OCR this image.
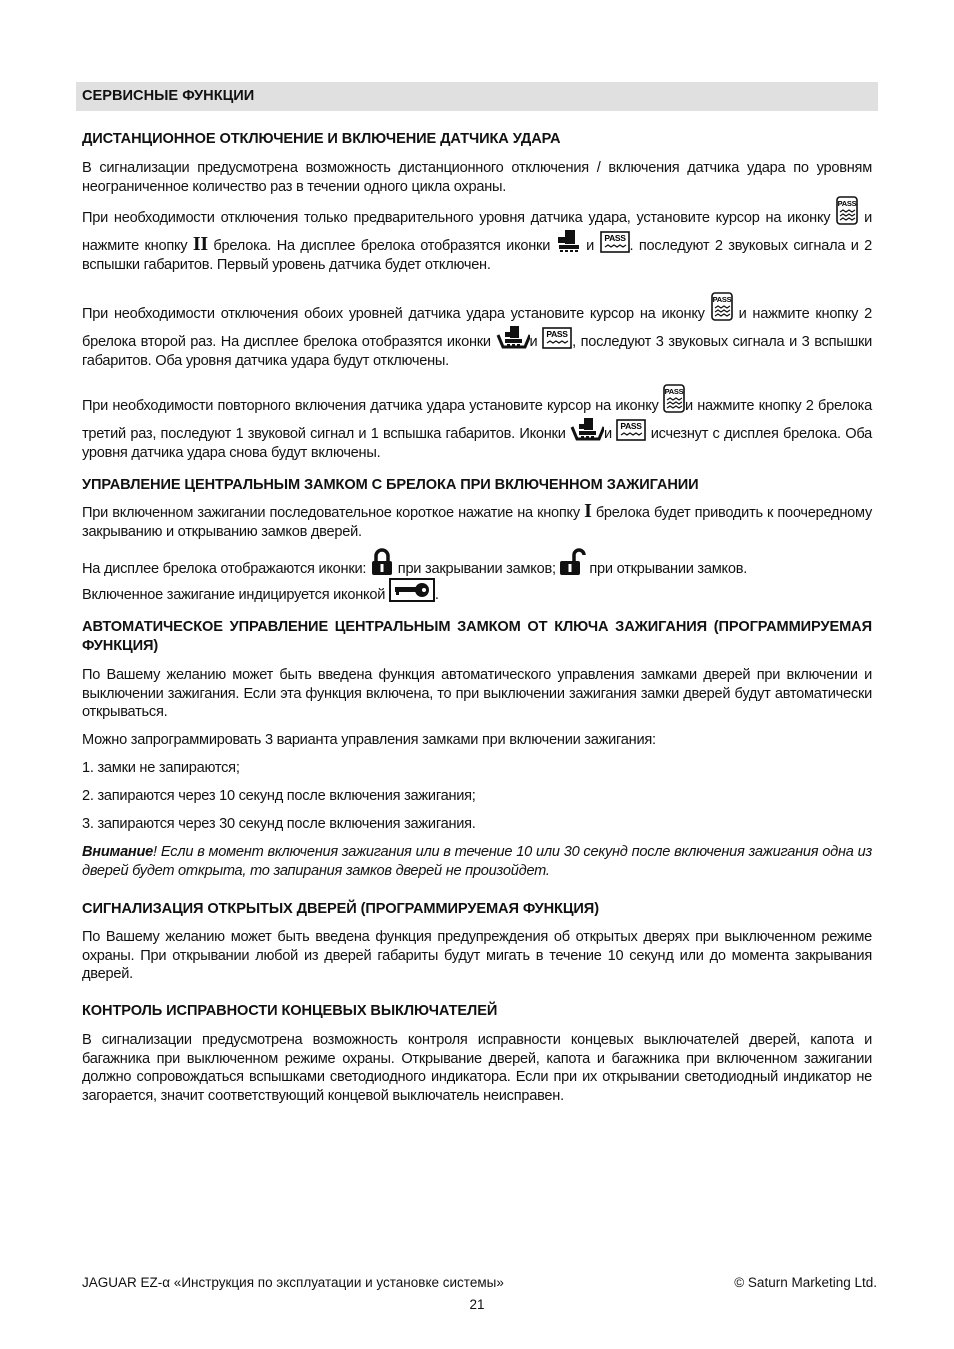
СЕРВИСНЫЕ ФУНКЦИИ
ДИСТАНЦИОННОЕ ОТКЛЮЧЕНИЕ И ВКЛЮЧЕНИЕ ДАТЧИКА УДАРА
В сигнализации предусмотрена возможность дистанционного отключения / включения датчика удара по уровням неограниченное количество раз в течении одного цикла охраны.
При необходимости отключения только предварительного уровня датчика удара, установите курсор на иконку
PASS
и нажмите кнопку II брелока. На дисплее брелока отобразятся иконки
и PASS . последуют 2 звуковых сигнала и 2 вспышки габаритов. Первый уровень датчика будет отключен.
При необходимости отключения обоих уровней датчика удара установите курсор на иконку
PASS
и нажмите кнопку 2 брелока второй раз. На дисплее брелока отобразятся иконки
и PASS , последуют 3 звуковых сигнала и 3 вспышки габаритов. Оба уровня датчика удара будут отключены.
При необходимости повторного включения датчика удара установите курсор на иконку
PASS
и нажмите кнопку 2 брелока третий раз, последуют 1 звуковой сигнал и 1 вспышка габаритов. Иконки
и PASS исчезнут с дисплея брелока. Оба уровня датчика удара снова будут включены.
УПРАВЛЕНИЕ ЦЕНТРАЛЬНЫМ ЗАМКОМ С БРЕЛОКА ПРИ ВКЛЮЧЕННОМ ЗАЖИГАНИИ
При включенном зажигании последовательное короткое нажатие на кнопку I брелока будет приводить к поочередному закрыванию и открыванию замков дверей.
На дисплее брелока отображаются иконки:
при закрывании замков;
при открывании замков.
Включенное зажигание индицируется иконкой	.
АВТОМАТИЧЕСКОЕ УПРАВЛЕНИЕ ЦЕНТРАЛЬНЫМ ЗАМКОМ ОТ КЛЮЧА ЗАЖИГАНИЯ (ПРОГРАММИРУЕМАЯ ФУНКЦИЯ)
По Вашему желанию может быть введена функция автоматического управления замками дверей при включении и выключении зажигания. Если эта функция включена, то при выключении зажигания замки дверей будут автоматически открываться.
Можно запрограммировать 3 варианта управления замками при включении зажигания:
1. замки не запираются;
2. запираются через 10 секунд после включения зажигания;
3. запираются через 30 секунд после включения зажигания.
Внимание! Если в момент включения зажигания или в течение 10 или 30 секунд после включения зажигания одна из дверей будет открыта, то запирания замков дверей не произойдет.
СИГНАЛИЗАЦИЯ ОТКРЫТЫХ ДВЕРЕЙ (ПРОГРАММИРУЕМАЯ ФУНКЦИЯ)
По Вашему желанию может быть введена функция предупреждения об открытых дверях при выключенном режиме охраны. При открывании любой из дверей габариты будут мигать в течение 10 секунд или до момента закрывания дверей.
КОНТРОЛЬ ИСПРАВНОСТИ КОНЦЕВЫХ ВЫКЛЮЧАТЕЛЕЙ
В сигнализации предусмотрена возможность контроля исправности концевых выключателей дверей, капота и багажника при выключенном режиме охраны. Открывание дверей, капота и багажника при включенном зажигании должно сопровождаться вспышками светодиодного индикатора. Если при их открывании светодиодный индикатор не загорается, значит соответствующий концевой выключатель неисправен.
JAGUAR EZ-α «Инструкция по эксплуатации и установке системы»	© Saturn Marketing Ltd.
21
